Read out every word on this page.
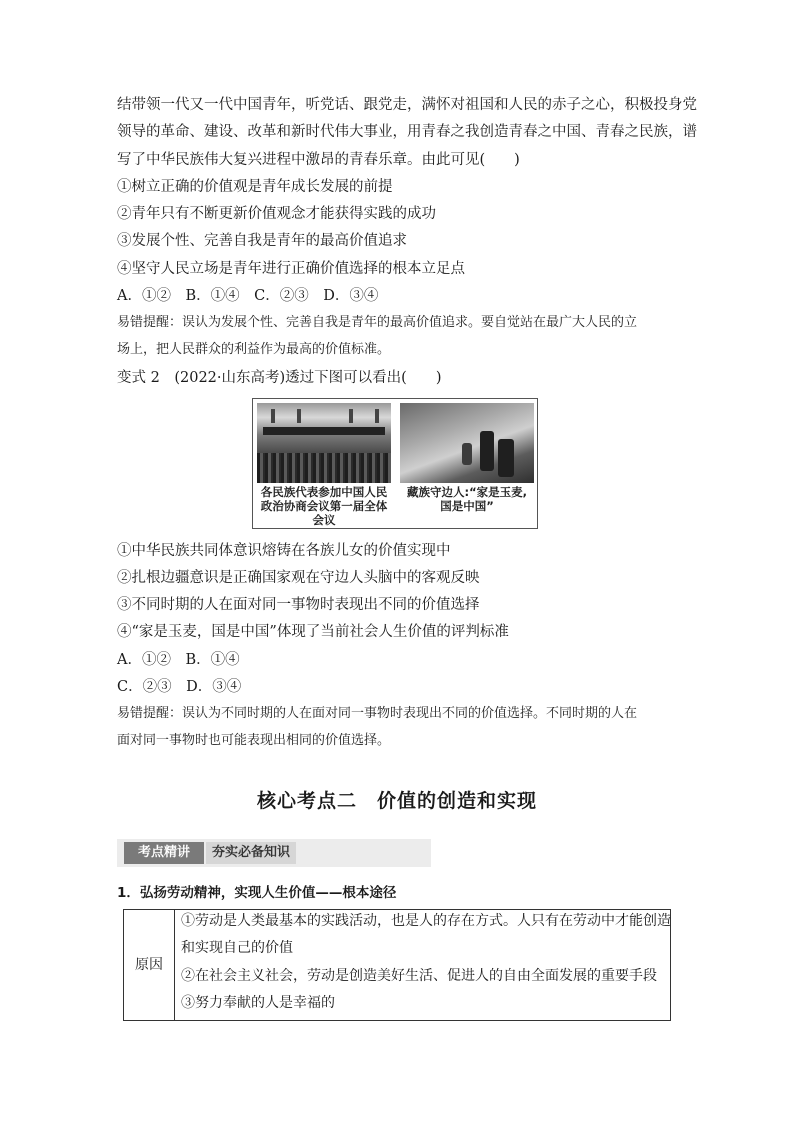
结带领一代又一代中国青年，听党话、跟党走，满怀对祖国和人民的赤子之心，积极投身党
领导的革命、建设、改革和新时代伟大事业，用青春之我创造青春之中国、青春之民族，谱
写了中华民族伟大复兴进程中激昂的青春乐章。由此可见(　　)
①树立正确的价值观是青年成长发展的前提
②青年只有不断更新价值观念才能获得实践的成功
③发展个性、完善自我是青年的最高价值追求
④坚守人民立场是青年进行正确价值选择的根本立足点
A．①②　B．①④　C．②③　D．③④
易错提醒：误认为发展个性、完善自我是青年的最高价值追求。要自觉站在最广大人民的立
场上，把人民群众的利益作为最高的价值标准。
变式 2　(2022·山东高考)透过下图可以看出(　　)
各民族代表参加中国人民
政治协商会议第一届全体
会议
藏族守边人:“家是玉麦,
国是中国”
①中华民族共同体意识熔铸在各族儿女的价值实现中
②扎根边疆意识是正确国家观在守边人头脑中的客观反映
③不同时期的人在面对同一事物时表现出不同的价值选择
④“家是玉麦，国是中国”体现了当前社会人生价值的评判标准
A．①②　B．①④
C．②③　D．③④
易错提醒：误认为不同时期的人在面对同一事物时表现出不同的价值选择。不同时期的人在
面对同一事物时也可能表现出相同的价值选择。
核心考点二　价值的创造和实现
考点精讲	夯实必备知识
1．弘扬劳动精神，实现人生价值——根本途径
原因
①劳动是人类最基本的实践活动，也是人的存在方式。人只有在劳动中才能创造
和实现自己的价值
②在社会主义社会，劳动是创造美好生活、促进人的自由全面发展的重要手段
③努力奉献的人是幸福的
